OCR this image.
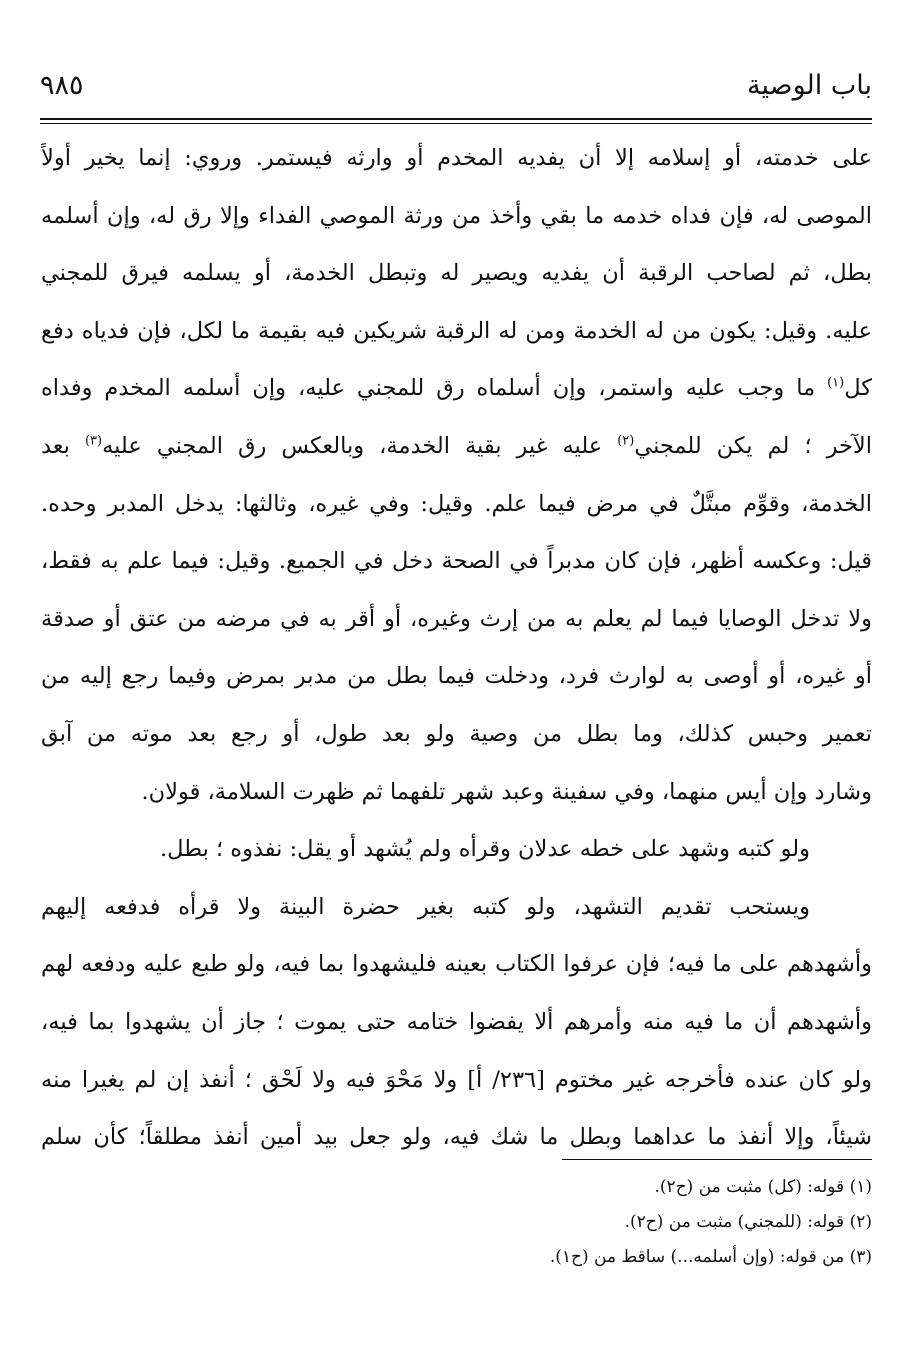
باب الوصية
٩٨٥
على خدمته، أو إسلامه إلا أن يفديه المخدم أو وارثه فيستمر. وروي: إنما يخير أولاً
الموصى له، فإن فداه خدمه ما بقي وأخذ من ورثة الموصي الفداء وإلا رق له، وإن أسلمه
بطل، ثم لصاحب الرقبة أن يفديه ويصير له وتبطل الخدمة، أو يسلمه فيرق للمجني
عليه. وقيل: يكون من له الخدمة ومن له الرقبة شريكين فيه بقيمة ما لكل، فإن فدياه دفع
كل$^{(١)}$ ما وجب عليه واستمر، وإن أسلماه رق للمجني عليه، وإن أسلمه المخدم وفداه
الآخر ؛ لم يكن للمجني$^{(٢)}$ عليه غير بقية الخدمة، وبالعكس رق المجني عليه$^{(٣)}$ بعد
الخدمة، وقوِّم مبتَّلٌ في مرض فيما علم. وقيل: وفي غيره، وثالثها: يدخل المدبر وحده.
قيل: وعكسه أظهر، فإن كان مدبراً في الصحة دخل في الجميع. وقيل: فيما علم به فقط،
ولا تدخل الوصايا فيما لم يعلم به من إرث وغيره، أو أقر به في مرضه من عتق أو صدقة
أو غيره، أو أوصى به لوارث فرد، ودخلت فيما بطل من مدبر بمرض وفيما رجع إليه من
تعمير وحبس كذلك، وما بطل من وصية ولو بعد طول، أو رجع بعد موته من آبق
وشارد وإن أيس منهما، وفي سفينة وعبد شهر تلفهما ثم ظهرت السلامة، قولان.
ولو كتبه وشهد على خطه عدلان وقرأه ولم يُشهد أو يقل: نفذوه ؛ بطل.
ويستحب تقديم التشهد، ولو كتبه بغير حضرة البينة ولا قرأه فدفعه إليهم
وأشهدهم على ما فيه؛ فإن عرفوا الكتاب بعينه فليشهدوا بما فيه، ولو طبع عليه ودفعه لهم
وأشهدهم أن ما فيه منه وأمرهم ألا يفضوا ختامه حتى يموت ؛ جاز أن يشهدوا بما فيه،
ولو كان عنده فأخرجه غير مختوم [٢٣٦/ أ] ولا مَحْوَ فيه ولا لَحْق ؛ أنفذ إن لم يغيرا منه
شيئاً، وإلا أنفذ ما عداهما وبطل ما شك فيه، ولو جعل بيد أمين أنفذ مطلقاً؛ كأن سلم
(١) قوله: (كل) مثبت من (ح٢).
(٢) قوله: (للمجني) مثبت من (ح٢).
(٣) من قوله: (وإن أسلمه...) ساقط من (ح١).
